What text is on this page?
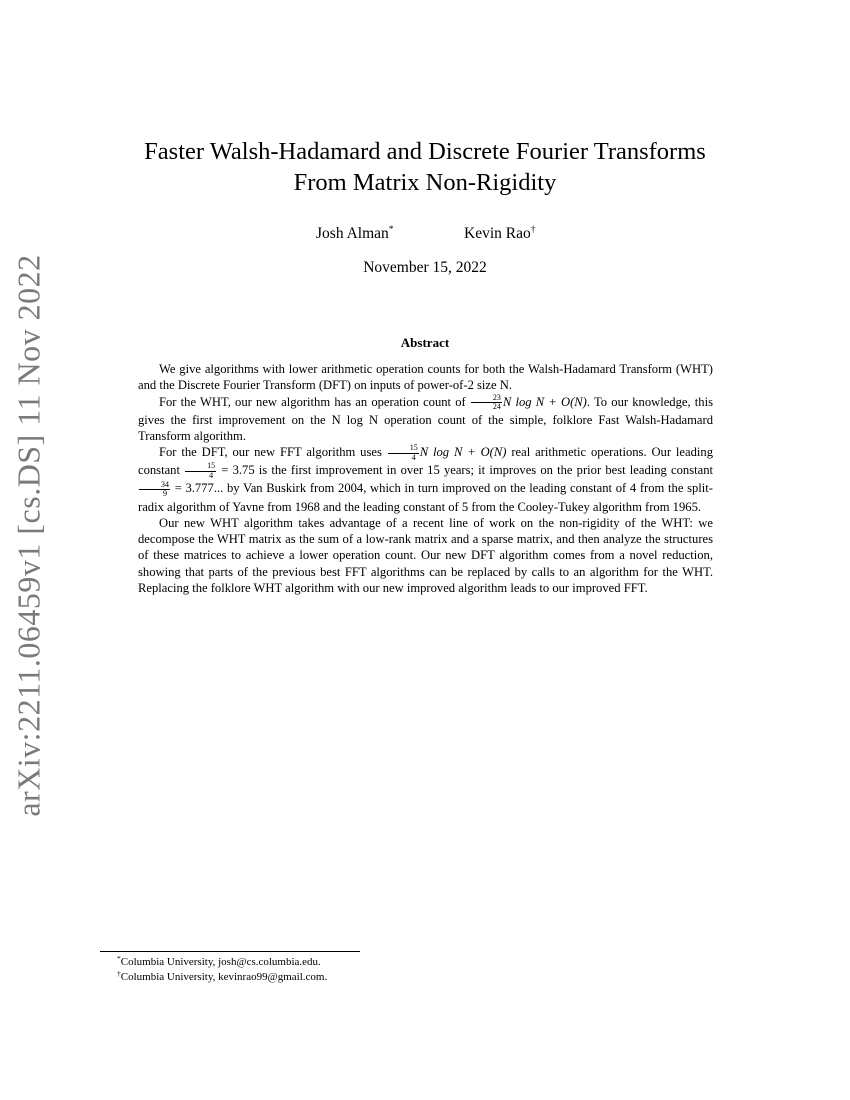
arXiv:2211.06459v1 [cs.DS] 11 Nov 2022
Faster Walsh-Hadamard and Discrete Fourier Transforms
From Matrix Non-Rigidity
Josh Alman*	Kevin Rao†
November 15, 2022
Abstract

We give algorithms with lower arithmetic operation counts for both the Walsh-Hadamard Transform (WHT) and the Discrete Fourier Transform (DFT) on inputs of power-of-2 size N.

For the WHT, our new algorithm has an operation count of $\frac{23}{24}$ N log N + O(N). To our knowledge, this gives the first improvement on the N log N operation count of the simple, folklore Fast Walsh-Hadamard Transform algorithm.

For the DFT, our new FFT algorithm uses $\frac{15}{4}$ N log N + O(N) real arithmetic operations. Our leading constant $\frac{15}{4} = 3.75$ is the first improvement in over 15 years; it improves on the prior best leading constant
$\frac{34}{9} = 3.777$... by Van Buskirk from 2004, which in turn improved on the leading constant of 4 from the split-radix algorithm of Yavne from 1968 and the leading constant of 5 from the Cooley-Tukey algorithm from 1965.

Our new WHT algorithm takes advantage of a recent line of work on the non-rigidity of the WHT: we decompose the WHT matrix as the sum of a low-rank matrix and a sparse matrix, and then analyze the structures of these matrices to achieve a lower operation count. Our new DFT algorithm comes from a novel reduction, showing that parts of the previous best FFT algorithms can be replaced by calls to an algorithm for the WHT. Replacing the folklore WHT algorithm with our new improved algorithm leads to our improved FFT.

*Columbia University, josh@cs.columbia.edu.
†Columbia University, kevinrao99@gmail.com.
